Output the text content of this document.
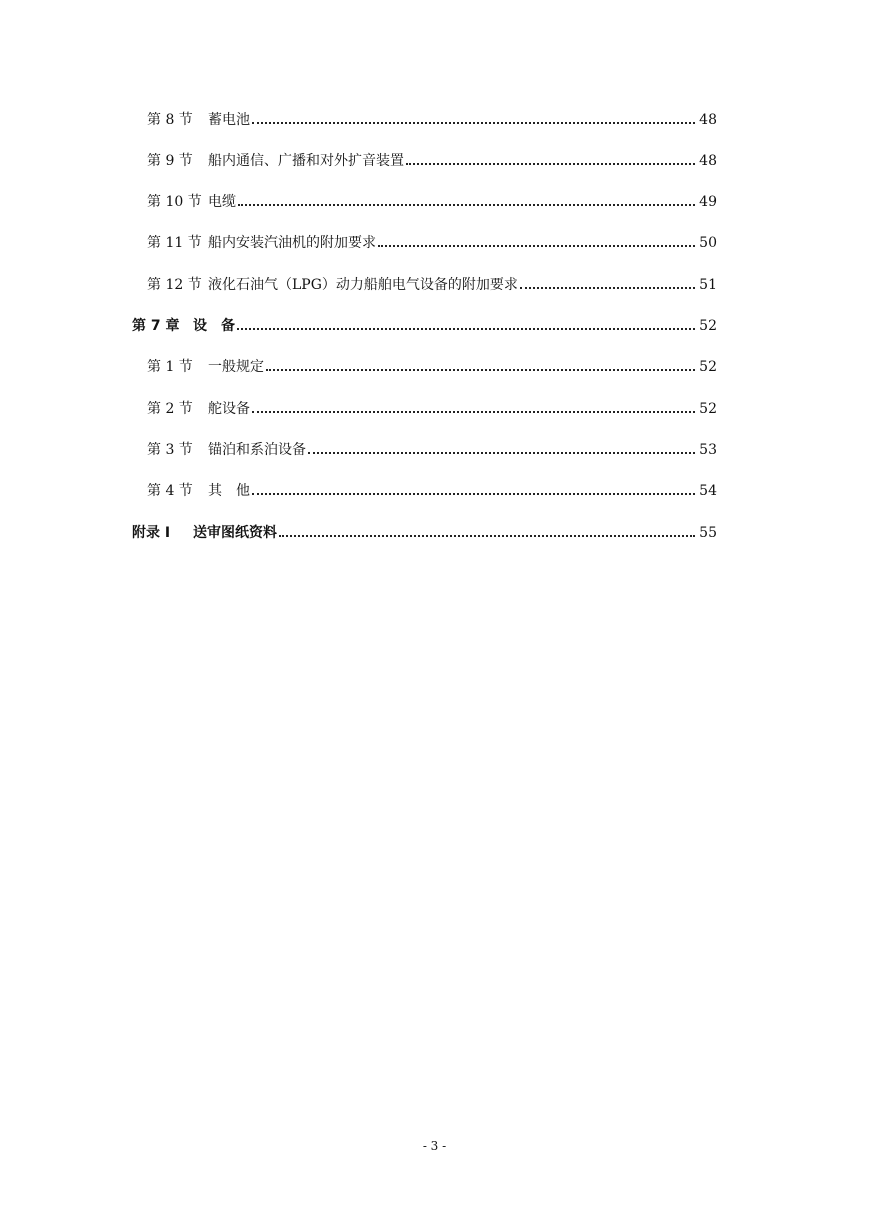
第 8 节	蓄电池	48
第 9 节	船内通信、广播和对外扩音装置	48
第 10 节 电缆	49
第 11 节 船内安装汽油机的附加要求	50
第 12 节 液化石油气（LPG）动力船舶电气设备的附加要求	51
第 7 章 设　备	52
第 1 节	一般规定	52
第 2 节	舵设备	52
第 3 节	锚泊和系泊设备	53
第 4 节	其　他	54
附录 Ⅰ	送审图纸资料	55
- 3 -
